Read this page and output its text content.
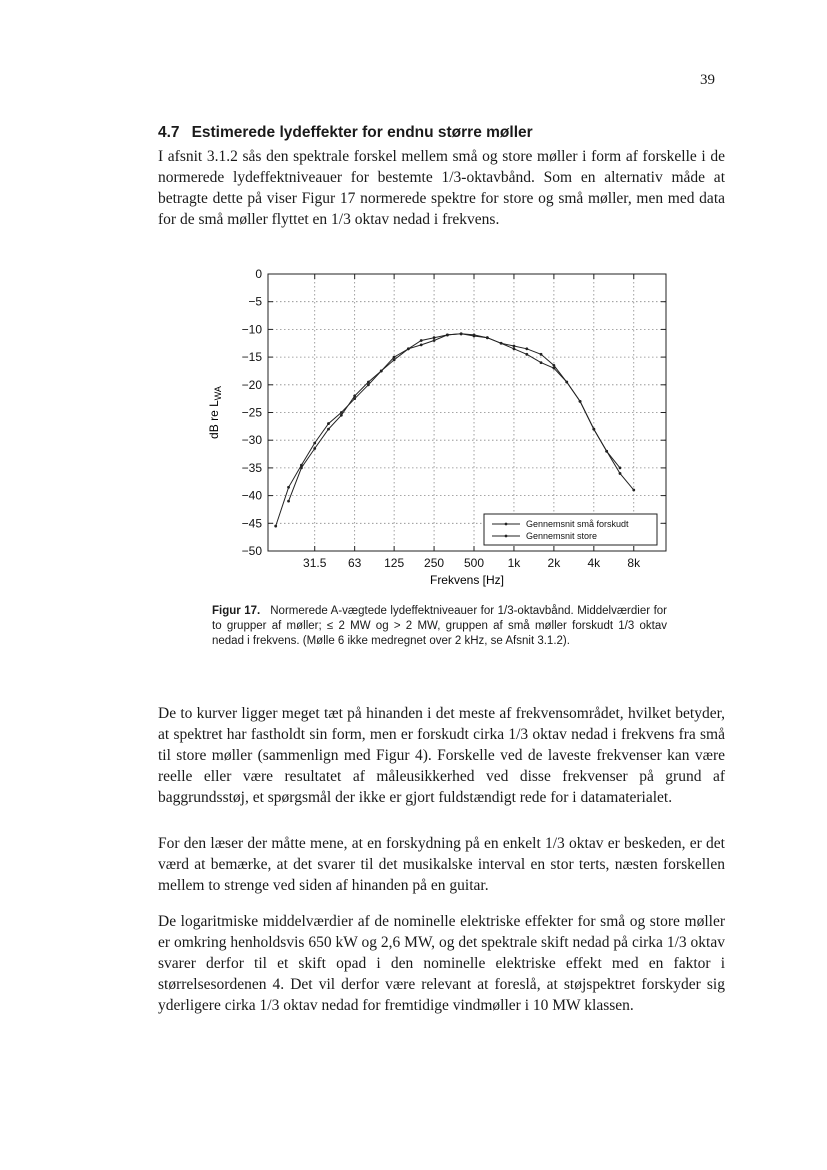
39
4.7 Estimerede lydeffekter for endnu større møller

I afsnit 3.1.2 sås den spektrale forskel mellem små og store møller i form af forskelle i de normerede lydeffektniveauer for bestemte 1/3-oktavbånd. Som en alternativ måde at betragte dette på viser Figur 17 normerede spektre for store og små møller, men med data for de små møller flyttet en 1/3 oktav nedad i frekvens.

0
−5
−10
−15
−20
−25
−30
−35
−40
−45
−50
31.5 63 125 250 500 1k 2k 4k 8k
Frekvens [Hz]
dB re $L_{WA}$
Gennemsnit små forskudt
Gennemsnit store

Figur 17. Normerede A-vægtede lydeffektniveauer for 1/3-oktavbånd. Middelværdier for to grupper af møller; ≤ 2 MW og > 2 MW, gruppen af små møller forskudt 1/3 oktav nedad i frekvens. (Mølle 6 ikke medregnet over 2 kHz, se Afsnit 3.1.2).

De to kurver ligger meget tæt på hinanden i det meste af frekvensområdet, hvilket betyder, at spektret har fastholdt sin form, men er forskudt cirka 1/3 oktav nedad i frekvens fra små til store møller (sammenlign med Figur 4). Forskelle ved de laveste frekvenser kan være reelle eller være resultatet af måleusikkerhed ved disse frekvenser på grund af baggrundsstøj, et spørgsmål der ikke er gjort fuldstændigt rede for i datamaterialet.

For den læser der måtte mene, at en forskydning på en enkelt 1/3 oktav er beskeden, er det værd at bemærke, at det svarer til det musikalske interval en stor terts, næsten forskellen mellem to strenge ved siden af hinanden på en guitar.

De logaritmiske middelværdier af de nominelle elektriske effekter for små og store møller er omkring henholdsvis 650 kW og 2,6 MW, og det spektrale skift nedad på cirka 1/3 oktav svarer derfor til et skift opad i den nominelle elektriske effekt med en faktor i størrelsesordenen 4. Det vil derfor være relevant at foreslå, at støjspektret forskyder sig yderligere cirka 1/3 oktav nedad for fremtidige vindmøller i 10 MW klassen.
